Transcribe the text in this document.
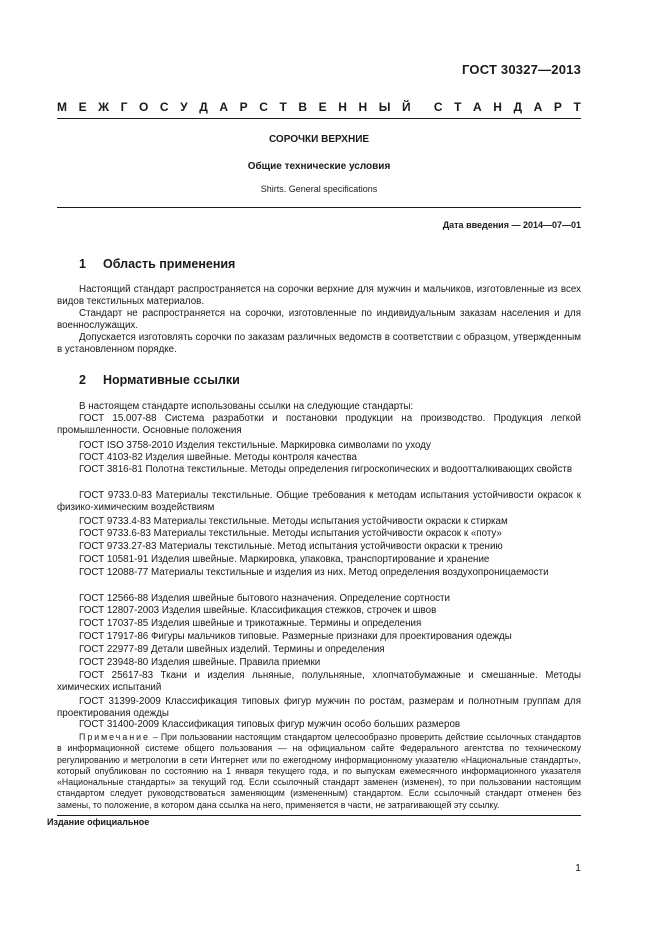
ГОСТ 30327—2013
М Е Ж Г О С У Д А Р С Т В Е Н Н Ы Й С Т А Н Д А Р Т
СОРОЧКИ ВЕРХНИЕ
Общие технические условия
Shirts. General specifications
Дата введения — 2014—07—01
1 Область применения

Настоящий стандарт распространяется на сорочки верхние для мужчин и мальчиков, изготовленные из всех видов текстильных материалов.

Стандарт не распространяется на сорочки, изготовленные по индивидуальным заказам населения и для военнослужащих.

Допускается изготовлять сорочки по заказам различных ведомств в соответствии с образцом, утвержденным в установленном порядке.

2 Нормативные ссылки

В настоящем стандарте использованы ссылки на следующие стандарты:

ГОСТ 15.007-88 Система разработки и постановки продукции на производство. Продукция легкой промышленности. Основные положения

ГОСТ ISO 3758-2010 Изделия текстильные. Маркировка символами по уходу

ГОСТ 4103-82 Изделия швейные. Методы контроля качества

ГОСТ 3816-81 Полотна текстильные. Методы определения гигроскопических и водоотталкивающих свойств

ГОСТ 9733.0-83 Материалы текстильные. Общие требования к методам испытания устойчивости окрасок к физико-химическим воздействиям

ГОСТ 9733.4-83 Материалы текстильные. Методы испытания устойчивости окраски к стиркам

ГОСТ 9733.6-83 Материалы текстильные. Методы испытания устойчивости окрасок к «поту»

ГОСТ 9733.27-83 Материалы текстильные. Метод испытания устойчивости окраски к трению

ГОСТ 10581-91 Изделия швейные. Маркировка, упаковка, транспортирование и хранение

ГОСТ 12088-77 Материалы текстильные и изделия из них. Метод определения воздухопроницаемости

ГОСТ 12566-88 Изделия швейные бытового назначения. Определение сортности

ГОСТ 12807-2003 Изделия швейные. Классификация стежков, строчек и швов

ГОСТ 17037-85 Изделия швейные и трикотажные. Термины и определения

ГОСТ 17917-86 Фигуры мальчиков типовые. Размерные признаки для проектирования одежды

ГОСТ 22977-89 Детали швейных изделий. Термины и определения

ГОСТ 23948-80 Изделия швейные. Правила приемки

ГОСТ 25617-83 Ткани и изделия льняные, полульняные, хлопчатобумажные и смешанные. Методы химических испытаний

ГОСТ 31399-2009 Классификация типовых фигур мужчин по ростам, размерам и полнотным группам для проектирования одежды

ГОСТ 31400-2009 Классификация типовых фигур мужчин особо больших размеров

Примечание – При пользовании настоящим стандартом целесообразно проверить действие ссылочных стандартов в информационной системе общего пользования — на официальном сайте Федерального агентства по техническому регулированию и метрологии в сети Интернет или по ежегодному информационному указателю «Национальные стандарты», который опубликован по состоянию на 1 января текущего года, и по выпускам ежемесячного информационного указателя «Национальные стандарты» за текущий год. Если ссылочный стандарт заменен (изменен), то при пользовании настоящим стандартом следует руководствоваться заменяющим (измененным) стандартом. Если ссылочный стандарт отменен без замены, то положение, в котором дана ссылка на него, применяется в части, не затрагивающей эту ссылку.

Издание официальное
1
